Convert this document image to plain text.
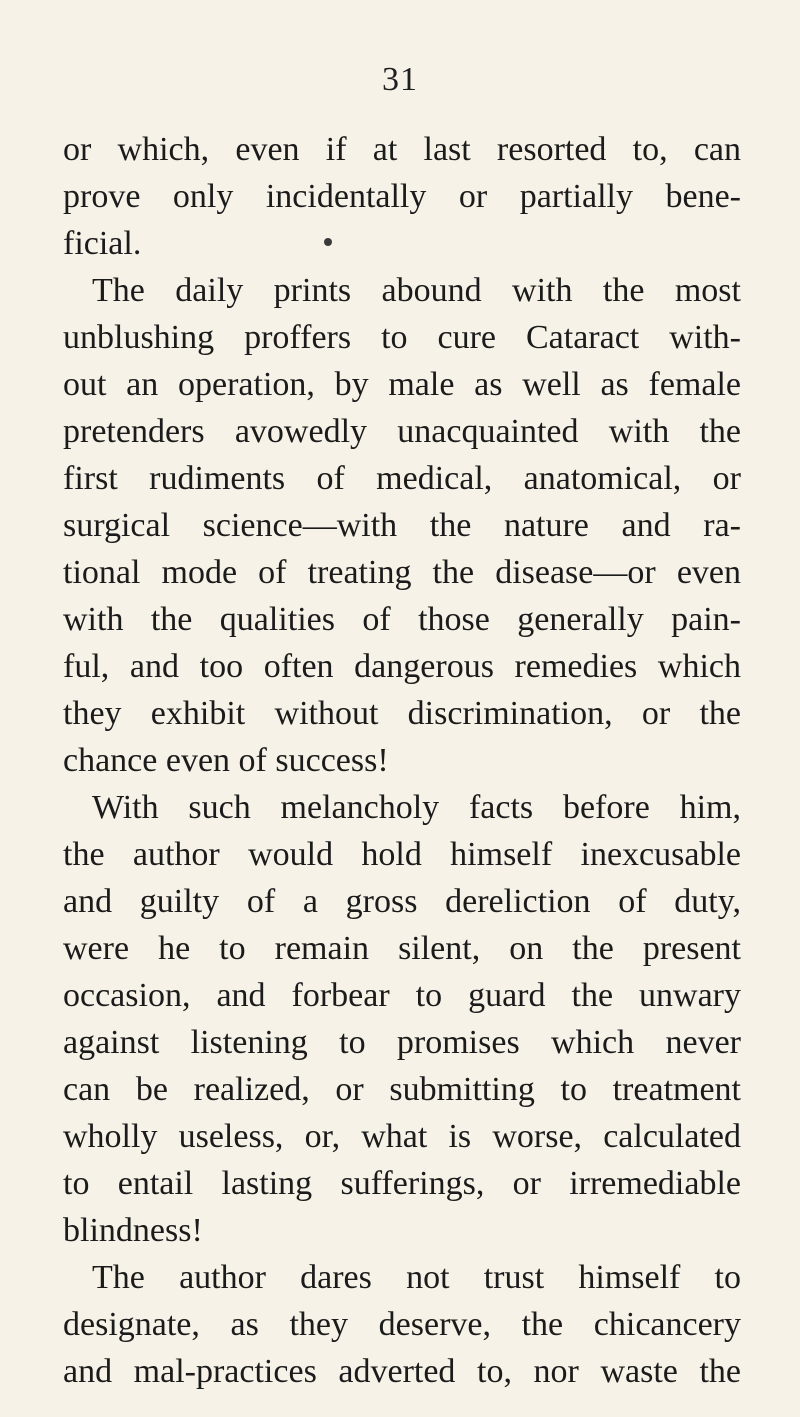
31
or which, even if at last resorted to, can
prove only incidentally or partially bene-
ficial.
The daily prints abound with the most
unblushing proffers to cure Cataract with-
out an operation, by male as well as female
pretenders avowedly unacquainted with the
first rudiments of medical, anatomical, or
surgical science—with the nature and ra-
tional mode of treating the disease—or even
with the qualities of those generally pain-
ful, and too often dangerous remedies which
they exhibit without discrimination, or the
chance even of success!
With such melancholy facts before him,
the author would hold himself inexcusable
and guilty of a gross dereliction of duty,
were he to remain silent, on the present
occasion, and forbear to guard the unwary
against listening to promises which never
can be realized, or submitting to treatment
wholly useless, or, what is worse, calculated
to entail lasting sufferings, or irremediable
blindness!
The author dares not trust himself to
designate, as they deserve, the chicancery
and mal-practices adverted to, nor waste the
